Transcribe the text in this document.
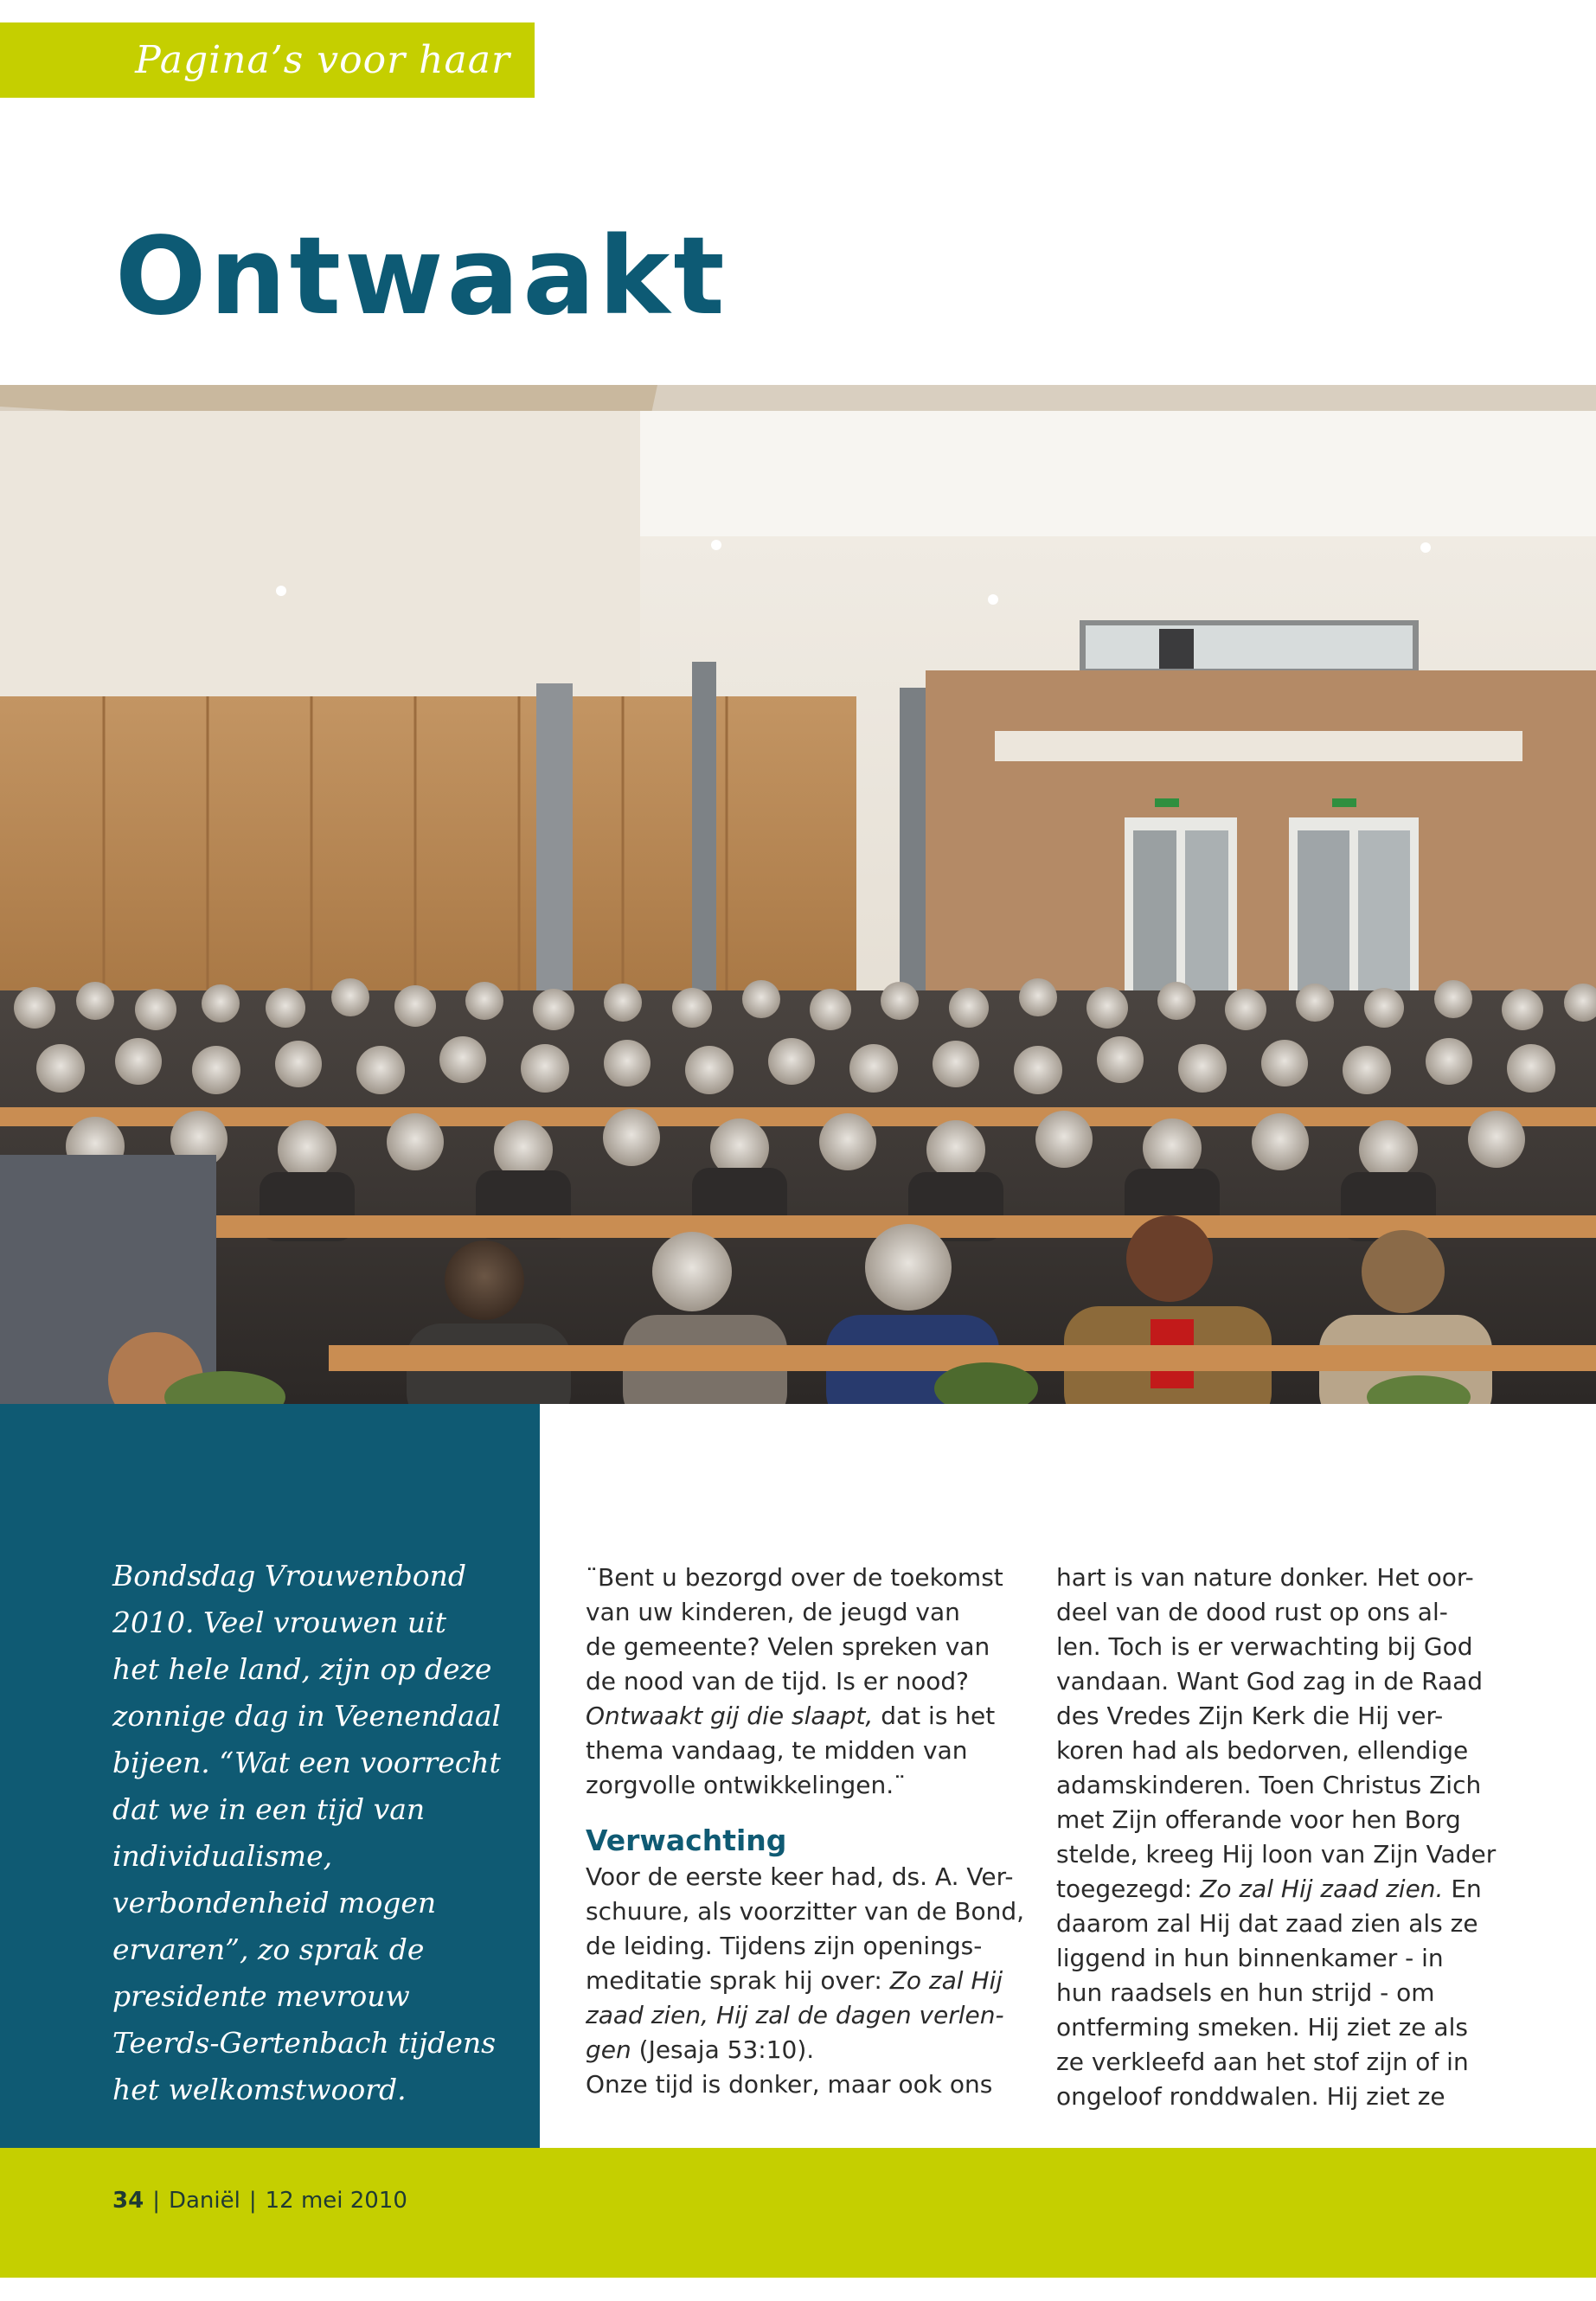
Pagina’s voor haar
Ontwaakt

Bondsdag Vrouwenbond 2010. Veel vrouwen uit het hele land, zijn op deze zonnige dag in Veenendaal bijeen. “Wat een voorrecht dat we in een tijd van individualisme, verbondenheid mogen ervaren”, zo sprak de presidente mevrouw Teerds-Gertenbach tijdens het welkomstwoord.

¨Bent u bezorgd over de toekomst
van uw kinderen, de jeugd van
de gemeente? Velen spreken van
de nood van de tijd. Is er nood?
Ontwaakt gij die slaapt, dat is het
thema vandaag, te midden van
zorgvolle ontwikkelingen.¨
Verwachting
Voor de eerste keer had, ds. A. Ver-
schuure, als voorzitter van de Bond,
de leiding. Tijdens zijn openings-
meditatie sprak hij over: Zo zal Hij
zaad zien, Hij zal de dagen verlen-
gen (Jesaja 53:10).
Onze tijd is donker, maar ook ons
hart is van nature donker. Het oor-
deel van de dood rust op ons al-
len. Toch is er verwachting bij God
vandaan. Want God zag in de Raad
des Vredes Zijn Kerk die Hij ver-
koren had als bedorven, ellendige
adamskinderen. Toen Christus Zich
met Zijn offerande voor hen Borg
stelde, kreeg Hij loon van Zijn Vader
toegezegd: Zo zal Hij zaad zien. En
daarom zal Hij dat zaad zien als ze
liggend in hun binnenkamer - in
hun raadsels en hun strijd - om
ontferming smeken. Hij ziet ze als
ze verkleefd aan het stof zijn of in
ongeloof ronddwalen. Hij ziet ze
34 | Daniël | 12 mei 2010
